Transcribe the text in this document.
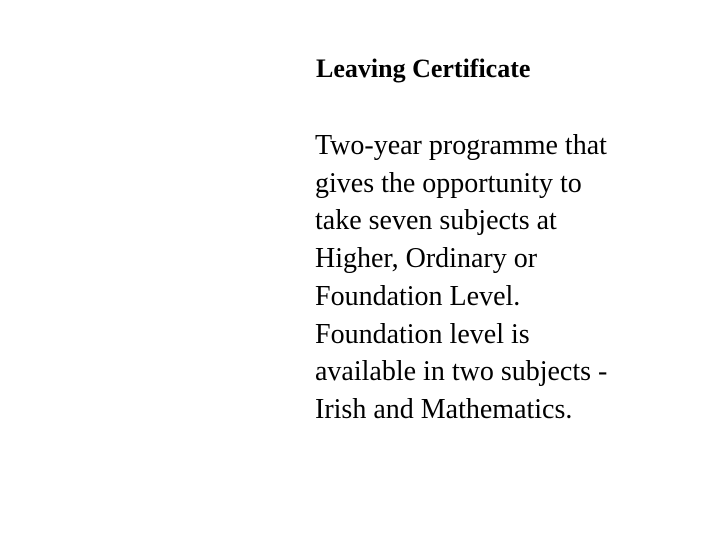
Leaving Certificate
Two-year programme that
gives the opportunity to
take seven subjects at
Higher, Ordinary or
Foundation Level.
Foundation level is
available in two subjects -
Irish and Mathematics.
